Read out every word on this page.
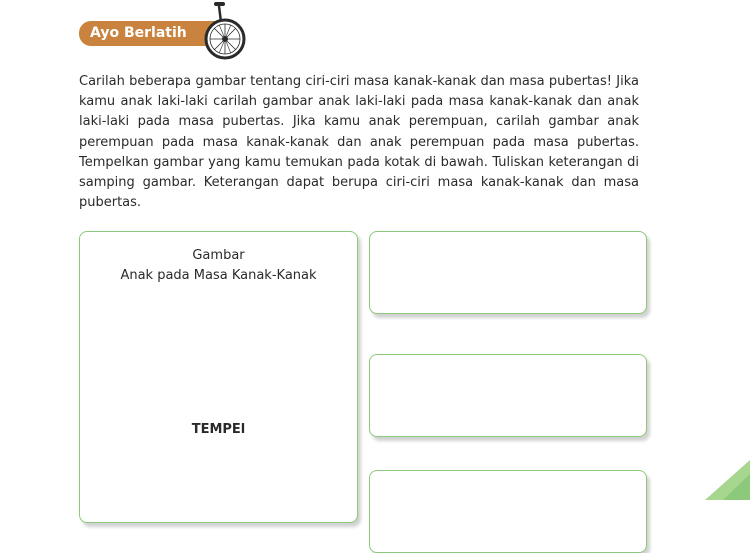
Ayo Berlatih

Carilah beberapa gambar tentang ciri-ciri masa kanak-kanak dan masa pubertas! Jika kamu anak laki-laki carilah gambar anak laki-laki pada masa kanak-kanak dan anak laki-laki pada masa pubertas. Jika kamu anak perempuan, carilah gambar anak perempuan pada masa kanak-kanak dan anak perempuan pada masa pubertas. Tempelkan gambar yang kamu temukan pada kotak di bawah. Tuliskan keterangan di samping gambar. Keterangan dapat berupa ciri-ciri masa kanak-kanak dan masa pubertas.

Gambar
Anak pada Masa Kanak-Kanak
TEMPEl
